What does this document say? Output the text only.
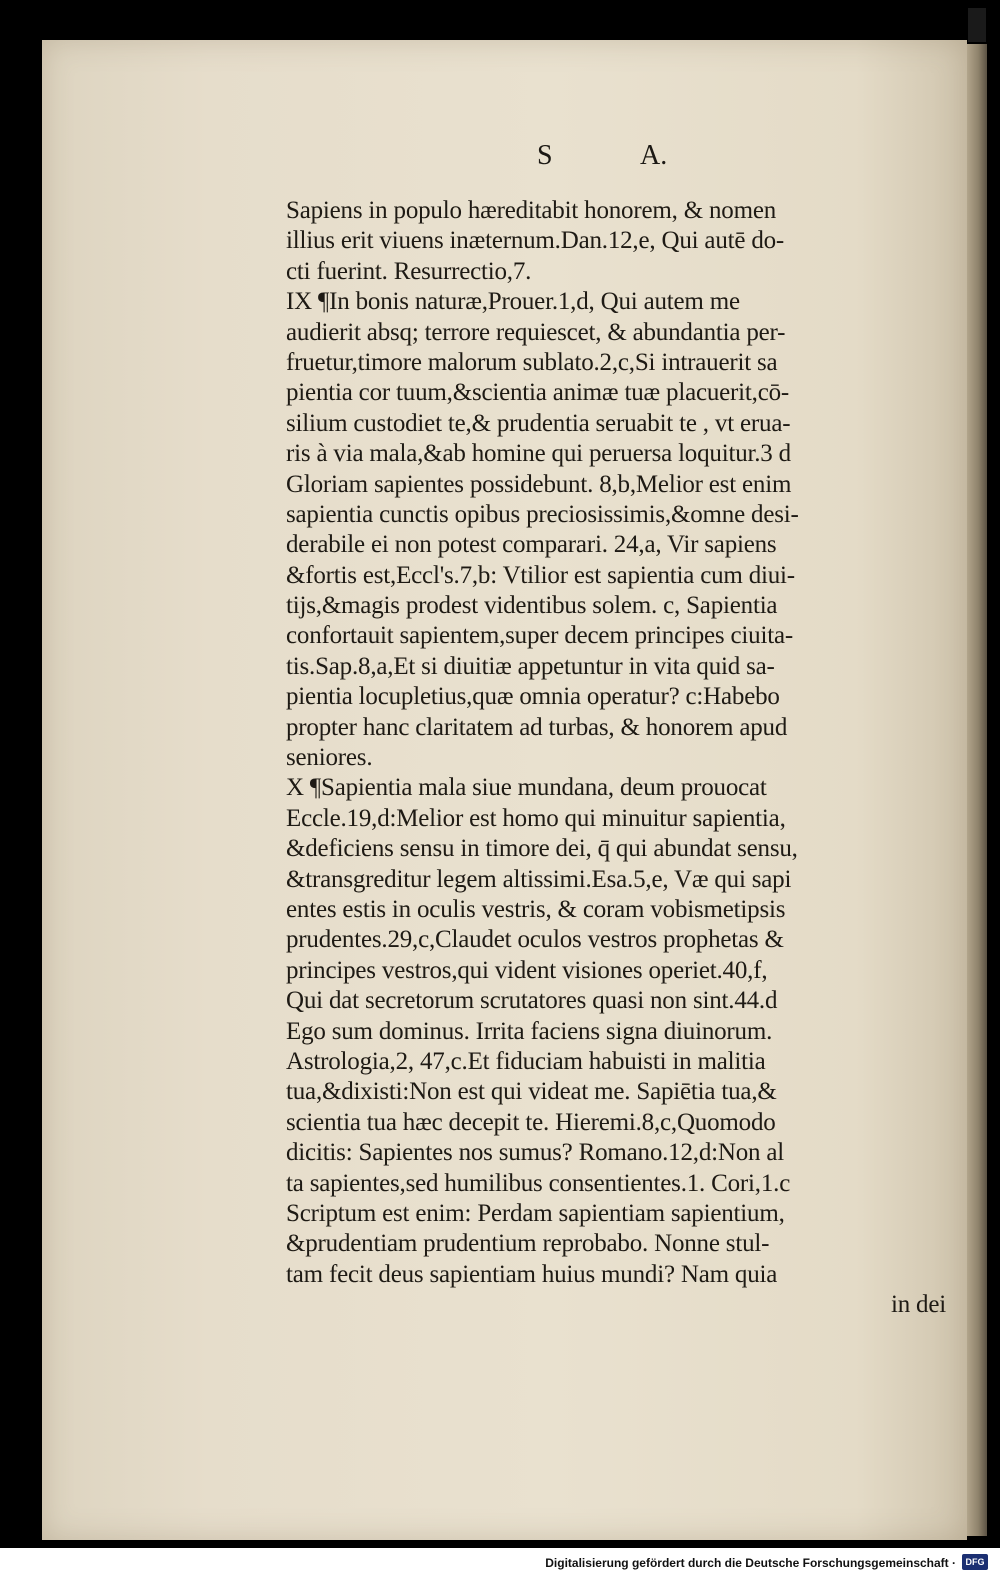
S	A.
Sapiens in populo hæreditabit honorem, & nomen
illius erit viuens inæternum.Dan.12,e, Qui autē do-
cti fuerint. Resurrectio,7.
IX ¶In bonis naturæ,Prouer.1,d, Qui autem me
audierit absq; terrore requiescet, & abundantia per-
fruetur,timore malorum sublato.2,c,Si intrauerit sa
pientia cor tuum,&scientia animæ tuæ placuerit,cō-
silium custodiet te,& prudentia seruabit te , vt erua-
ris à via mala,&ab homine qui peruersa loquitur.3 d
Gloriam sapientes possidebunt. 8,b,Melior est enim
sapientia cunctis opibus preciosissimis,&omne desi-
derabile ei non potest comparari. 24,a, Vir sapiens
&fortis est,Eccl's.7,b: Vtilior est sapientia cum diui-
tijs,&magis prodest videntibus solem. c, Sapientia
confortauit sapientem,super decem principes ciuita-
tis.Sap.8,a,Et si diuitiæ appetuntur in vita quid sa-
pientia locupletius,quæ omnia operatur? c:Habebo
propter hanc claritatem ad turbas, & honorem apud
seniores.
X ¶Sapientia mala siue mundana, deum prouocat
Eccle.19,d:Melior est homo qui minuitur sapientia,
&deficiens sensu in timore dei, q̄ qui abundat sensu,
&transgreditur legem altissimi.Esa.5,e, Væ qui sapi
entes estis in oculis vestris, & coram vobismetipsis
prudentes.29,c,Claudet oculos vestros prophetas &
principes vestros,qui vident visiones operiet.40,f,
Qui dat secretorum scrutatores quasi non sint.44.d
Ego sum dominus. Irrita faciens signa diuinorum.
Astrologia,2, 47,c.Et fiduciam habuisti in malitia
tua,&dixisti:Non est qui videat me. Sapiētia tua,&
scientia tua hæc decepit te. Hieremi.8,c,Quomodo
dicitis: Sapientes nos sumus? Romano.12,d:Non al
ta sapientes,sed humilibus consentientes.1. Cori,1.c
Scriptum est enim: Perdam sapientiam sapientium,
&prudentiam prudentium reprobabo. Nonne stul-
tam fecit deus sapientiam huius mundi? Nam quia
in dei
Digitalisierung gefördert durch die Deutsche Forschungsgemeinschaft ·	DFG
